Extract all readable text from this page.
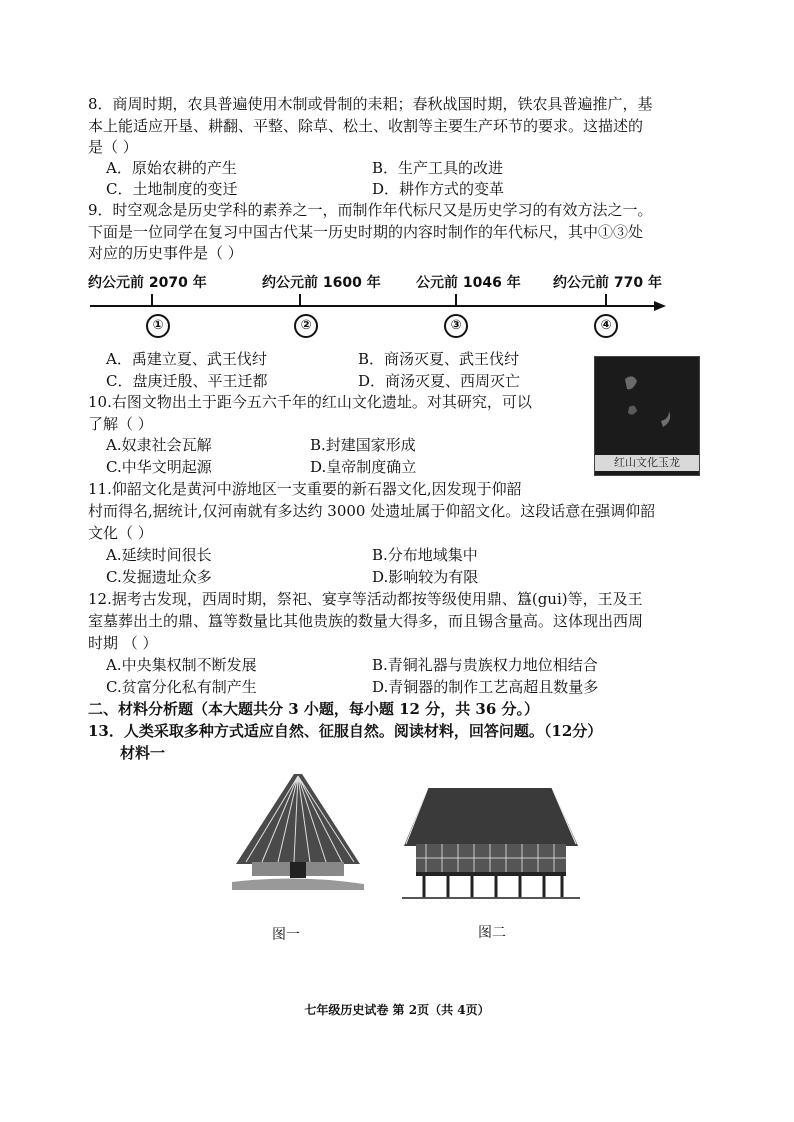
8．商周时期，农具普遍使用木制或骨制的耒耜；春秋战国时期，铁农具普遍推广，基
本上能适应开垦、耕翻、平整、除草、松土、收割等主要生产环节的要求。这描述的
是（ ）
A．原始农耕的产生	B．生产工具的改进
C．土地制度的变迁	D．耕作方式的变革
9．时空观念是历史学科的素养之一，而制作年代标尺又是历史学习的有效方法之一。
下面是一位同学在复习中国古代某一历史时期的内容时制作的年代标尺，其中①③处
对应的历史事件是（ ）
约公元前 2070 年	约公元前 1600 年	公元前 1046 年 约公元前 770 年
①	②	③	④
A．禹建立夏、武王伐纣	B．商汤灭夏、武王伐纣
C．盘庚迁殷、平王迁都	D．商汤灭夏、西周灭亡
红山文化玉龙
10.右图文物出土于距今五六千年的红山文化遗址。对其研究，可以
了解（ ）
A.奴隶社会瓦解	B.封建国家形成
C.中华文明起源	D.皇帝制度确立
11.仰韶文化是黄河中游地区一支重要的新石器文化,因发现于仰韶
村而得名,据统计,仅河南就有多达约 3000 处遗址属于仰韶文化。这段话意在强调仰韶
文化（ ）
A.延续时间很长	B.分布地域集中
C.发掘遗址众多	D.影响较为有限
12.据考古发现，西周时期，祭祀、宴享等活动都按等级使用鼎、簋(gui)等，王及王
室墓葬出土的鼎、簋等数量比其他贵族的数量大得多，而且锡含量高。这体现出西周
时期 （ ）
A.中央集权制不断发展	B.青铜礼器与贵族权力地位相结合
C.贫富分化私有制产生	D.青铜器的制作工艺高超且数量多
二、材料分析题（本大题共分 3 小题，每小题 12 分，共 36 分。）
13．人类采取多种方式适应自然、征服自然。阅读材料，回答问题。（12分）
材料一
图一	图二
七年级历史试卷 第 2页（共 4页）
